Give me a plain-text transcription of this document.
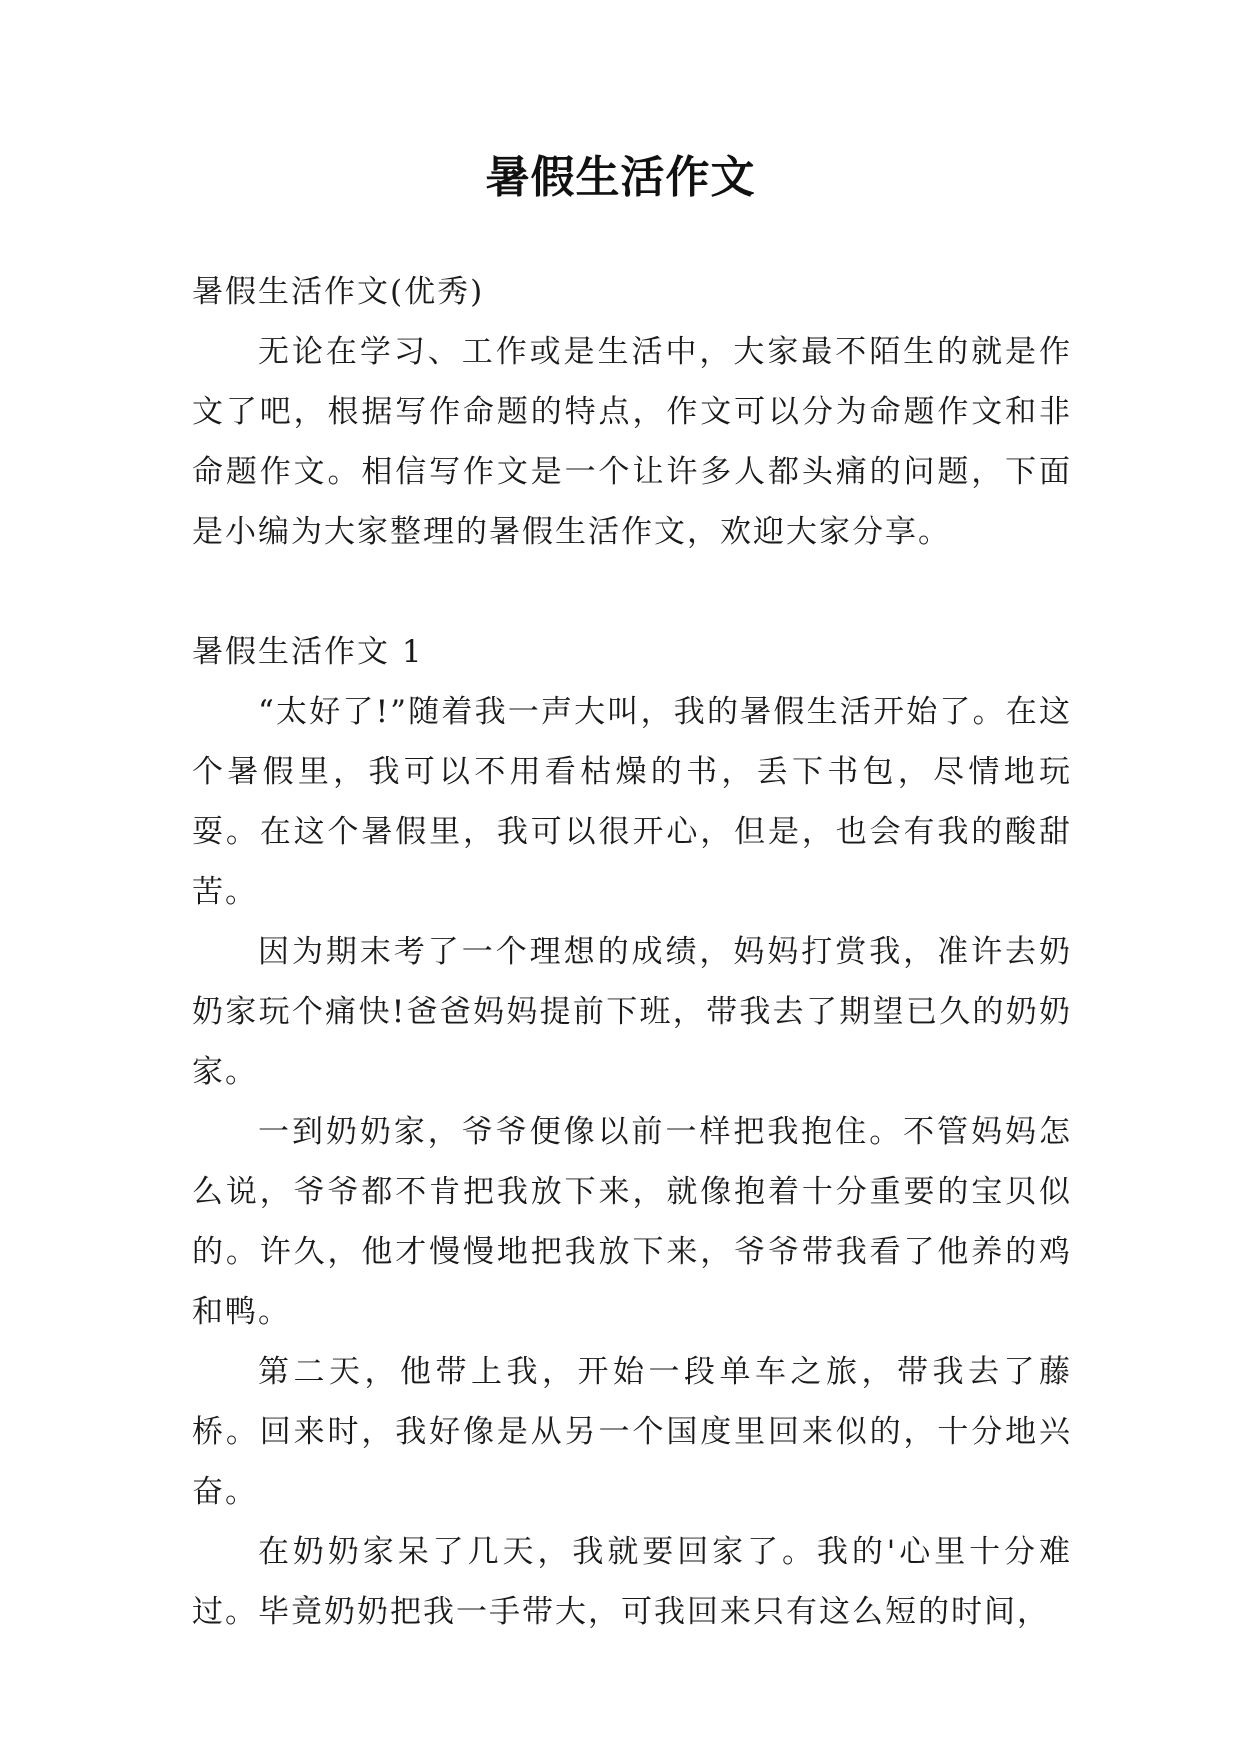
暑假生活作文

暑假生活作文(优秀)

无论在学习、工作或是生活中，大家最不陌生的就是作文了吧，根据写作命题的特点，作文可以分为命题作文和非命题作文。相信写作文是一个让许多人都头痛的问题，下面是小编为大家整理的暑假生活作文，欢迎大家分享。

暑假生活作文 1

“太好了!”随着我一声大叫，我的暑假生活开始了。在这个暑假里，我可以不用看枯燥的书，丢下书包，尽情地玩耍。在这个暑假里，我可以很开心，但是，也会有我的酸甜苦。

因为期末考了一个理想的成绩，妈妈打赏我，准许去奶奶家玩个痛快!爸爸妈妈提前下班，带我去了期望已久的奶奶家。

一到奶奶家，爷爷便像以前一样把我抱住。不管妈妈怎么说，爷爷都不肯把我放下来，就像抱着十分重要的宝贝似的。许久，他才慢慢地把我放下来，爷爷带我看了他养的鸡和鸭。

第二天，他带上我，开始一段单车之旅，带我去了藤桥。回来时，我好像是从另一个国度里回来似的，十分地兴奋。

在奶奶家呆了几天，我就要回家了。我的'心里十分难过。毕竟奶奶把我一手带大，可我回来只有这么短的时间，
